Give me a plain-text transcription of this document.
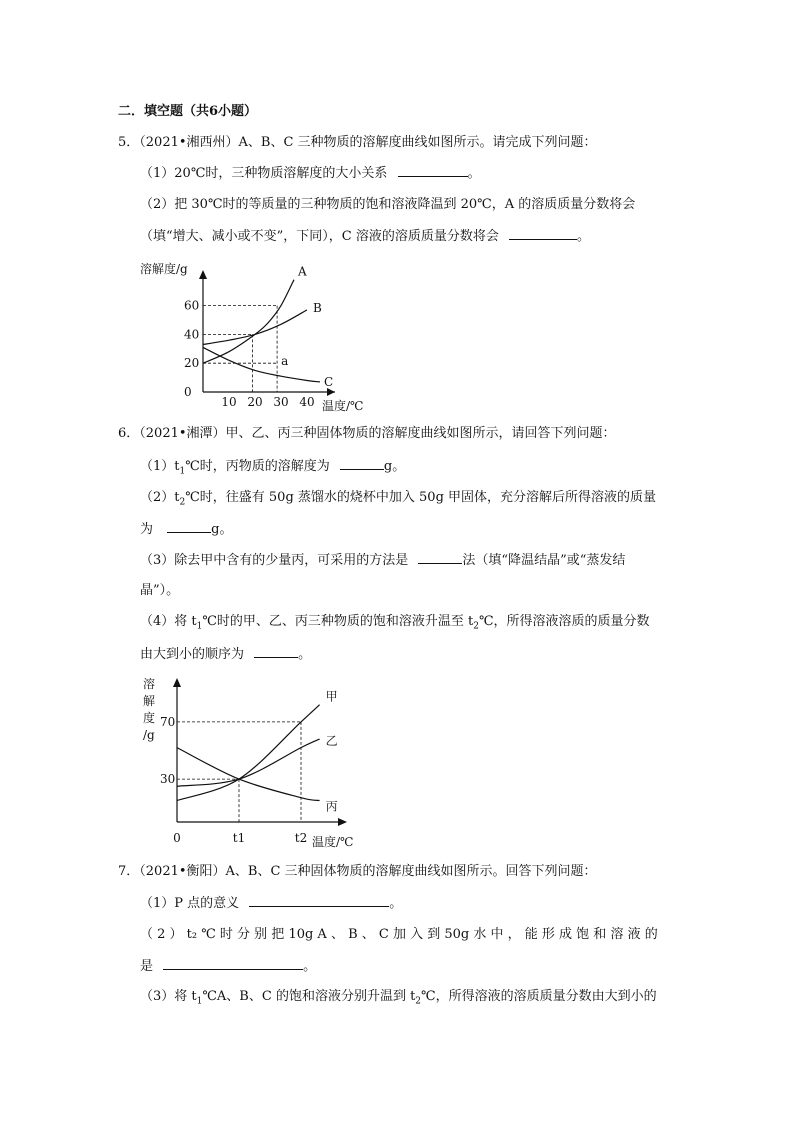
二．填空题（共6小题）
5．（2021•湘西州）A、B、C 三种物质的溶解度曲线如图所示。请完成下列问题：
（1）20℃时，三种物质溶解度的大小关系	。
（2）把 30℃时的等质量的三种物质的饱和溶液降温到 20℃，A 的溶质质量分数将会
（填“增大、减小或不变”，下同），C 溶液的溶质质量分数将会	。
溶解度/g
温度/℃
0
20
40
60
10 20 30 40
a
A
B
C
6．（2021•湘潭）甲、乙、丙三种固体物质的溶解度曲线如图所示，请回答下列问题：
$(1)t_1℃$时，丙物质的溶解度为	g。
$(2)t_2℃$时，往盛有 50g 蒸馏水的烧杯中加入 50g 甲固体，充分溶解后所得溶液的质量
为	g。
（3）除去甲中含有的少量丙，可采用的方法是	法（填“降温结晶”或“蒸发结
晶”）。
（4）将 $t_1℃$时的甲、乙、丙三种物质的饱和溶液升温至 $t_2℃$，所得溶液溶质的质量分数
由大到小的顺序为	。
溶
解
度
/g
温度/℃
70
30
0	t1	t2
甲
乙
丙
7．（2021•衡阳）A、B、C 三种固体物质的溶解度曲线如图所示。回答下列问题：
（1）P 点的意义	。
（ 2 ） t₂ ℃ 时 分 别 把 10g A 、 B 、 C 加 入 到 50g 水 中 ， 能 形 成 饱 和 溶 液 的
是	。
（3）将 $t_1℃A$、B、C 的饱和溶液分别升温到 $t_2℃$，所得溶液的溶质质量分数由大到小的
